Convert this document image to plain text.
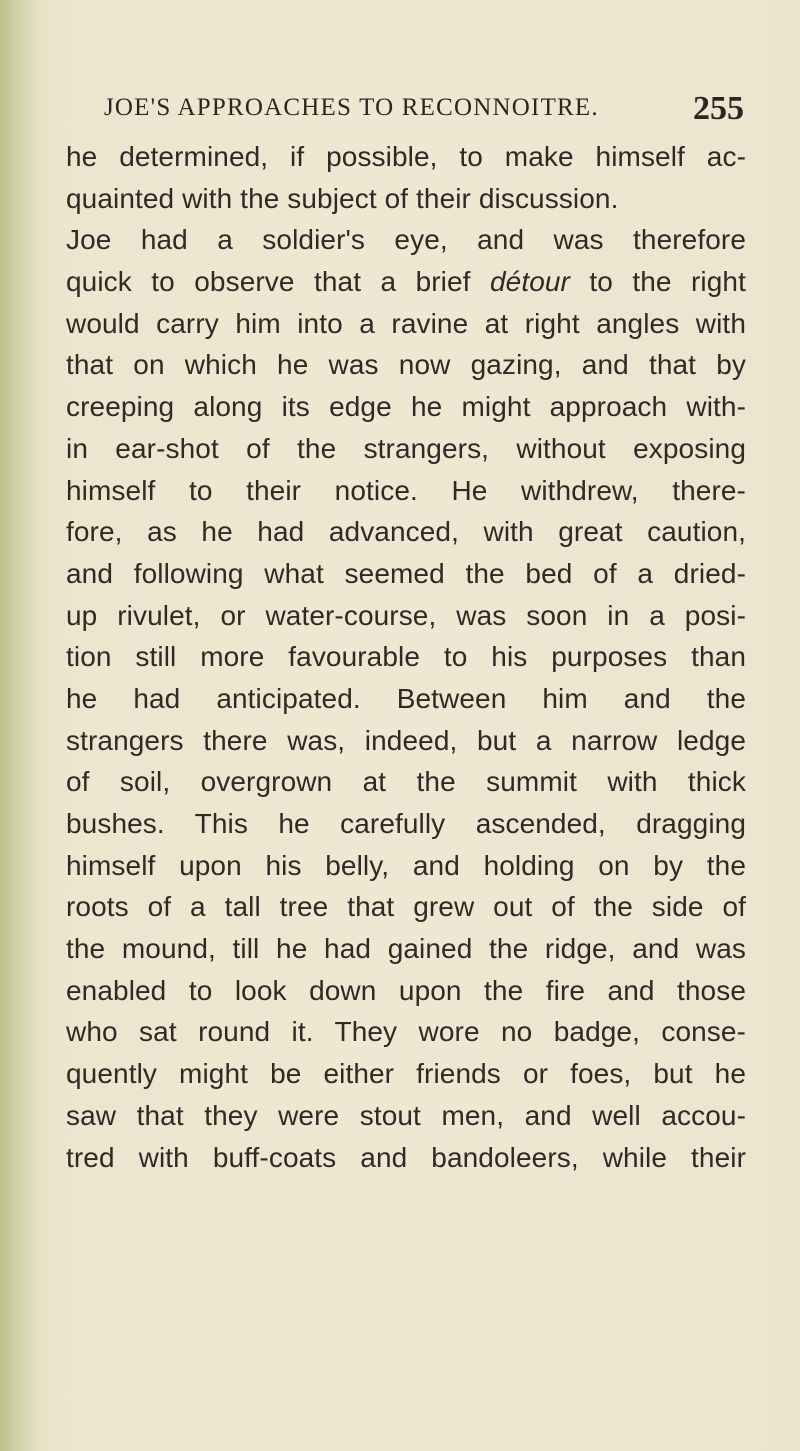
JOE'S APPROACHES TO RECONNOITRE.	255
he determined, if possible, to make himself ac-
quainted with the subject of their discussion.
Joe had a soldier's eye, and was therefore
quick to observe that a brief détour to the right
would carry him into a ravine at right angles with
that on which he was now gazing, and that by
creeping along its edge he might approach with-
in ear-shot of the strangers, without exposing
himself to their notice. He withdrew, there-
fore, as he had advanced, with great caution,
and following what seemed the bed of a dried-
up rivulet, or water-course, was soon in a posi-
tion still more favourable to his purposes than
he had anticipated. Between him and the
strangers there was, indeed, but a narrow ledge
of soil, overgrown at the summit with thick
bushes. This he carefully ascended, dragging
himself upon his belly, and holding on by the
roots of a tall tree that grew out of the side of
the mound, till he had gained the ridge, and was
enabled to look down upon the fire and those
who sat round it. They wore no badge, conse-
quently might be either friends or foes, but he
saw that they were stout men, and well accou-
tred with buff-coats and bandoleers, while their
